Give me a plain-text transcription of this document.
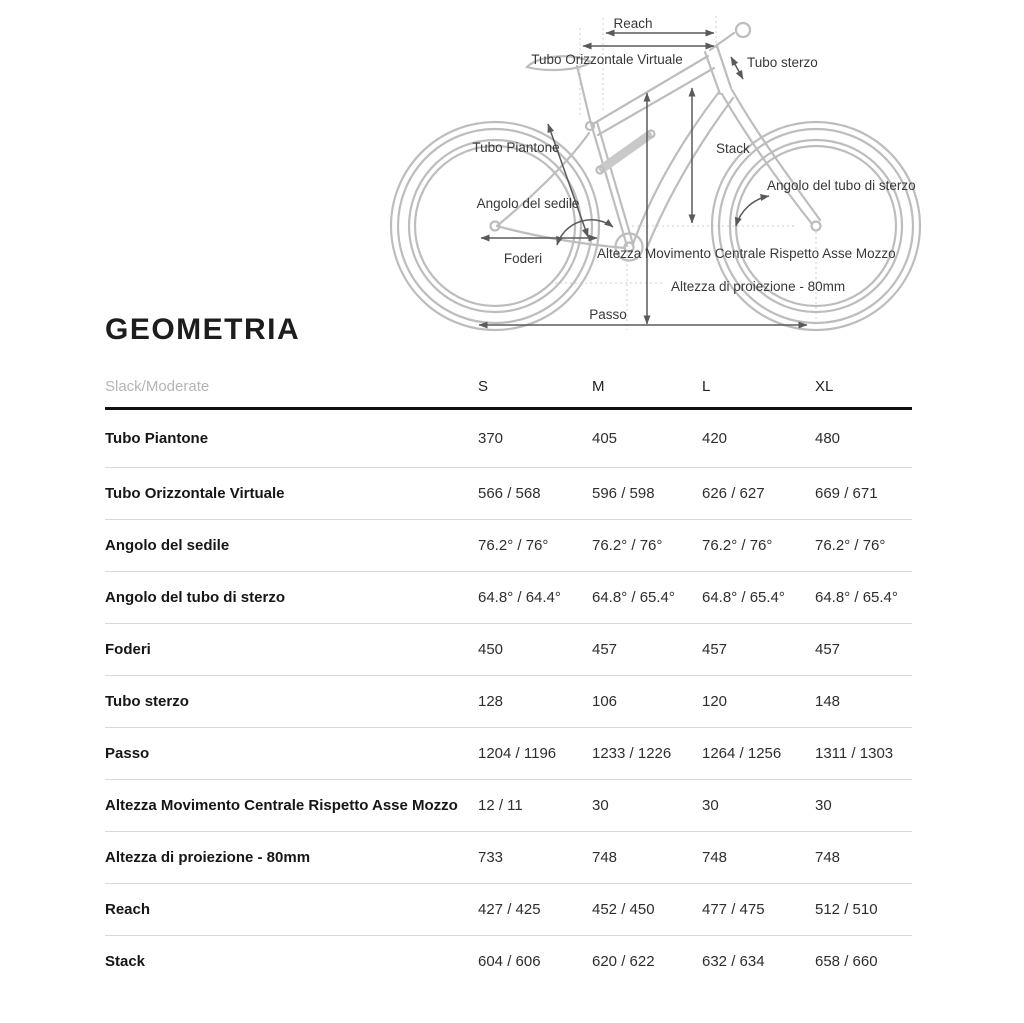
Reach
Tubo Orizzontale Virtuale	Tubo sterzo
Tubo Piantone	Stack
Angolo del sedile
Angolo del tubo di sterzo
Foderi	Altezza Movimento Centrale Rispetto Asse Mozzo
Altezza di proiezione - 80mm
Passo
GEOMETRIA
Slack/Moderate	S	M	L	XL
Tubo Piantone	370	405	420	480
Tubo Orizzontale Virtuale	566 / 568	596 / 598	626 / 627	669 / 671
Angolo del sedile	76.2° / 76°	76.2° / 76°	76.2° / 76°	76.2° / 76°
Angolo del tubo di sterzo	64.8° / 64.4°	64.8° / 65.4°	64.8° / 65.4°	64.8° / 65.4°
Foderi	450	457	457	457
Tubo sterzo	128	106	120	148
Passo	1204 / 1196	1233 / 1226	1264 / 1256	1311 / 1303
Altezza Movimento Centrale Rispetto Asse Mozzo	12 / 11	30	30	30
Altezza di proiezione - 80mm	733	748	748	748
Reach	427 / 425	452 / 450	477 / 475	512 / 510
Stack	604 / 606	620 / 622	632 / 634	658 / 660
